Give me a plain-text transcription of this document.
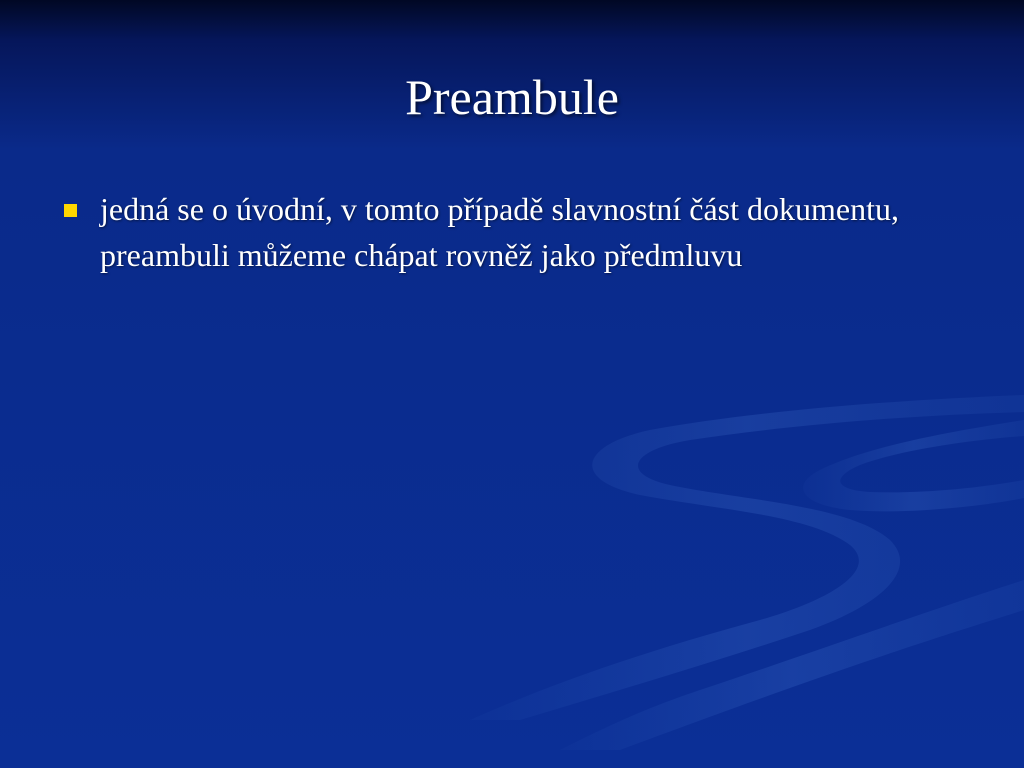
Preambule
jedná se o úvodní, v tomto případě slavnostní část dokumentu, preambuli můžeme chápat rovněž jako předmluvu
